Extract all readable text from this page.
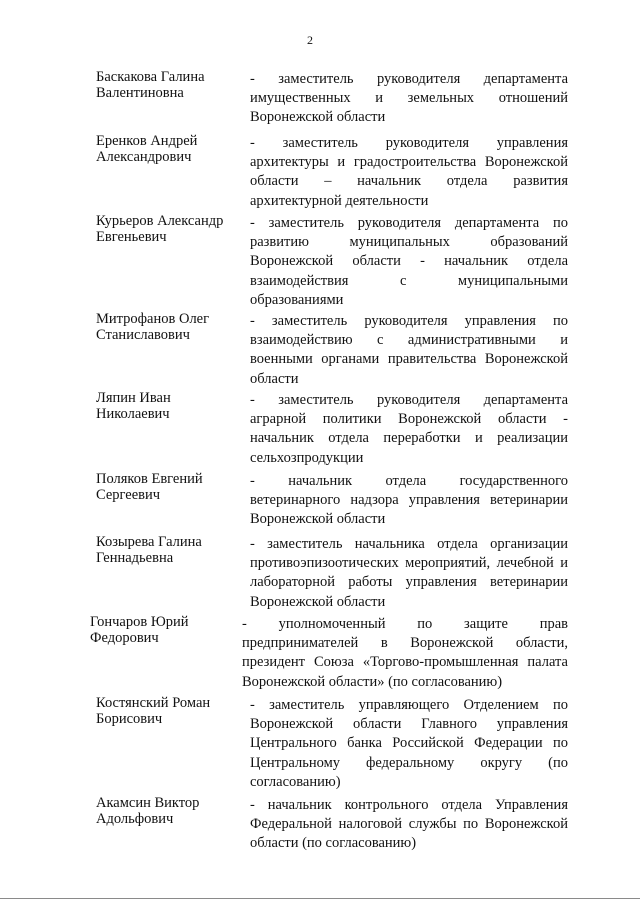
2
Баскакова Галина
Валентиновна
- заместитель руководителя департамента имущественных и земельных отношений Воронежской области
Еренков Андрей
Александрович
- заместитель руководителя управления архитектуры и градостроительства Воронежской области – начальник отдела развития архитектурной деятельности
Курьеров Александр
Евгеньевич
- заместитель руководителя департамента по развитию муниципальных образований Воронежской области - начальник отдела взаимодействия с муниципальными образованиями
Митрофанов Олег
Станиславович
- заместитель руководителя управления по взаимодействию с административными и военными органами правительства Воронежской области
Ляпин Иван
Николаевич
- заместитель руководителя департамента аграрной политики Воронежской области - начальник отдела переработки и реализации сельхозпродукции
Поляков Евгений
Сергеевич
- начальник отдела государственного ветеринарного надзора управления ветеринарии Воронежской области
Козырева Галина
Геннадьевна
- заместитель начальника отдела организации противоэпизоотических мероприятий, лечебной и лабораторной работы управления ветеринарии Воронежской области
Гончаров Юрий
Федорович
- уполномоченный по защите прав предпринимателей в Воронежской области, президент Союза «Торгово-промышленная палата Воронежской области» (по согласованию)
Костянский Роман
Борисович
- заместитель управляющего Отделением по Воронежской области Главного управления Центрального банка Российской Федерации по Центральному федеральному округу (по согласованию)
Акамсин Виктор
Адольфович
- начальник контрольного отдела Управления Федеральной налоговой службы по Воронежской области (по согласованию)
